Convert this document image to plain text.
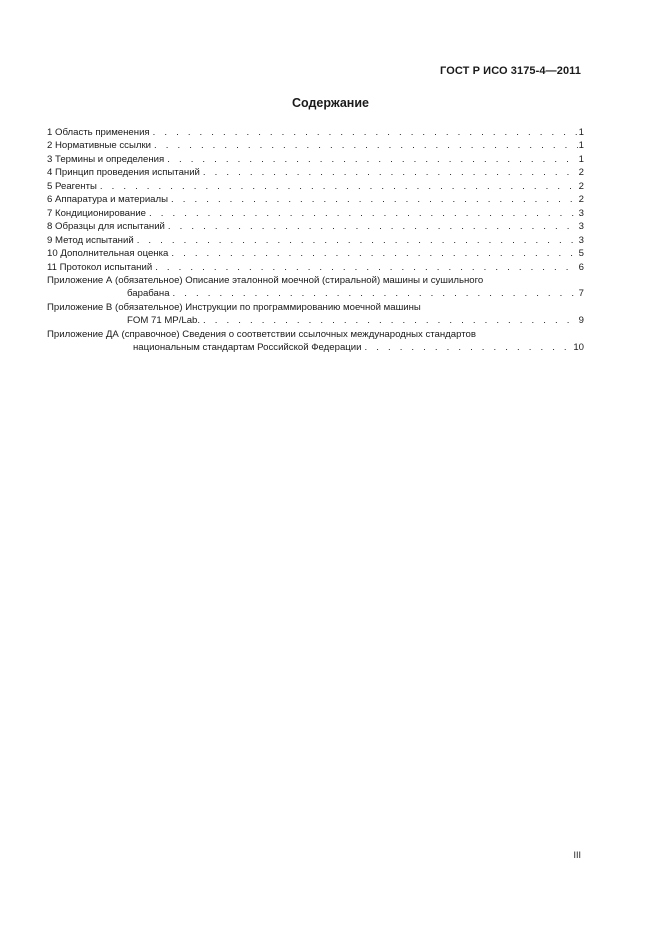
ГОСТ Р ИСО 3175-4—2011
Содержание
1 Область применения . . .	1
2 Нормативные ссылки . . .	1
3 Термины и определения . . .	1
4 Принцип проведения испытаний . . .	2
5 Реагенты . . .	2
6 Аппаратура и материалы . . .	2
7 Кондиционирование . . .	3
8 Образцы для испытаний . . .	3
9 Метод испытаний . . .	3
10 Дополнительная оценка . . .	5
11 Протокол испытаний . . .	6
Приложение А (обязательное) Описание эталонной моечной (стиральной) машины и сушильного
барабана . . .	7
Приложение В (обязательное) Инструкции по программированию моечной машины
FOM 71 MP/Lab. . . .	9
Приложение ДА (справочное) Сведения о соответствии ссылочных международных стандартов
национальным стандартам Российской Федерации . . .	10
III
